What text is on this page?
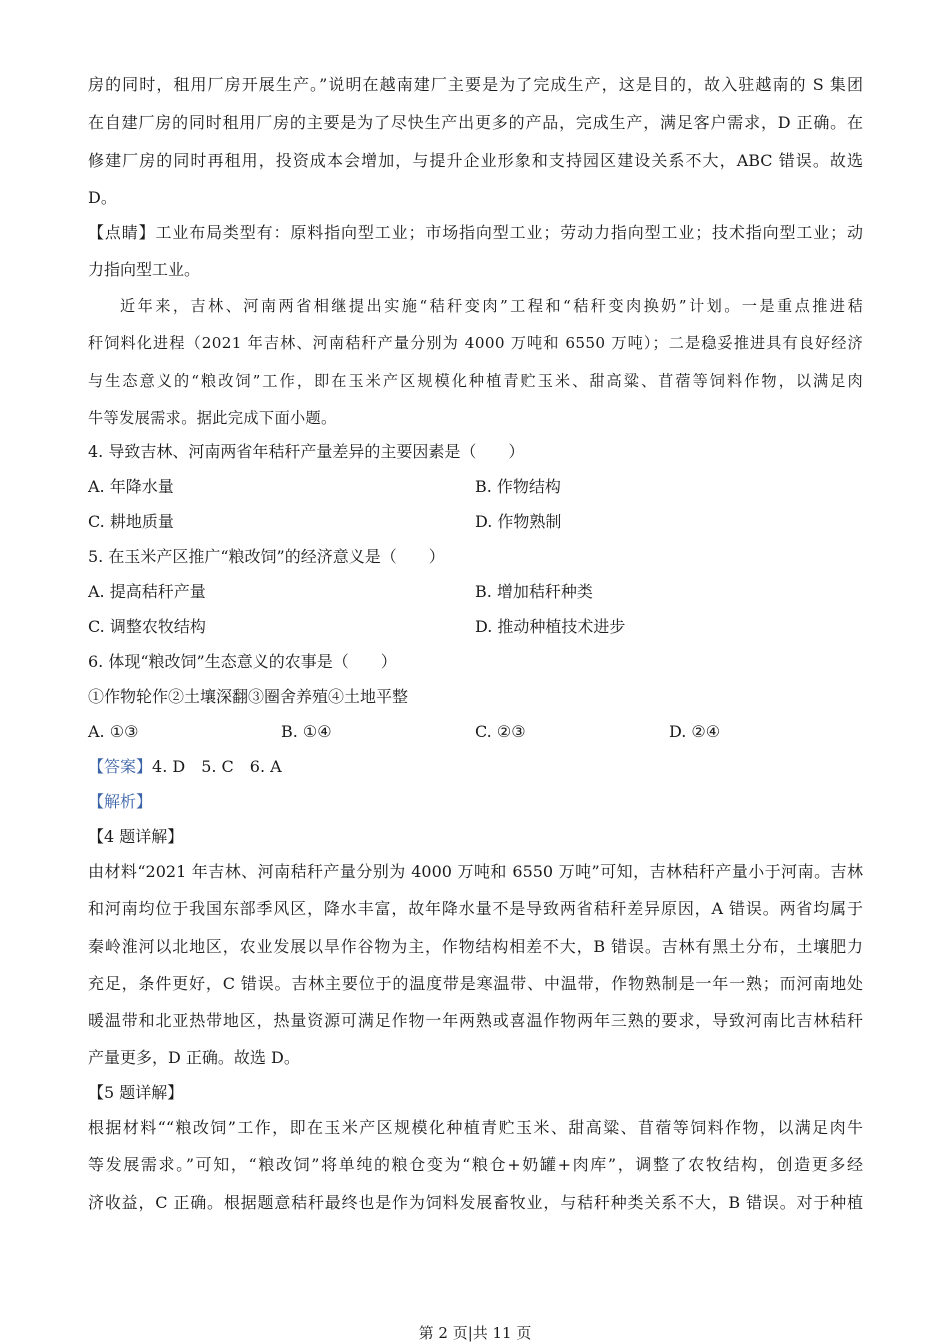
房的同时，租用厂房开展生产。”说明在越南建厂主要是为了完成生产，这是目的，故入驻越南的 S 集团
在自建厂房的同时租用厂房的主要是为了尽快生产出更多的产品，完成生产，满足客户需求，D 正确。在
修建厂房的同时再租用，投资成本会增加，与提升企业形象和支持园区建设关系不大，ABC 错误。故选
D。
【点睛】工业布局类型有：原料指向型工业；市场指向型工业；劳动力指向型工业；技术指向型工业；动
力指向型工业。
近年来，吉林、河南两省相继提出实施“秸秆变肉”工程和“秸秆变肉换奶”计划。一是重点推进秸
秆饲料化进程（2021 年吉林、河南秸秆产量分别为 4000 万吨和 6550 万吨）；二是稳妥推进具有良好经济
与生态意义的“粮改饲”工作，即在玉米产区规模化种植青贮玉米、甜高粱、苜蓿等饲料作物，以满足肉
牛等发展需求。据此完成下面小题。
4. 导致吉林、河南两省年秸秆产量差异的主要因素是（　　）
A. 年降水量	B. 作物结构
C. 耕地质量	D. 作物熟制
5. 在玉米产区推广“粮改饲”的经济意义是（　　）
A. 提高秸秆产量	B. 增加秸秆种类
C. 调整农牧结构	D. 推动种植技术进步
6. 体现“粮改饲”生态意义的农事是（　　）
①作物轮作②土壤深翻③圈舍养殖④土地平整
A. ①③	B. ①④	C. ②③	D. ②④
【答案】4. D　5. C　6. A
【解析】
【4 题详解】
由材料“2021 年吉林、河南秸秆产量分别为 4000 万吨和 6550 万吨”可知，吉林秸秆产量小于河南。吉林
和河南均位于我国东部季风区，降水丰富，故年降水量不是导致两省秸秆差异原因，A 错误。两省均属于
秦岭淮河以北地区，农业发展以旱作谷物为主，作物结构相差不大，B 错误。吉林有黑土分布，土壤肥力
充足，条件更好，C 错误。吉林主要位于的温度带是寒温带、中温带，作物熟制是一年一熟；而河南地处
暖温带和北亚热带地区，热量资源可满足作物一年两熟或喜温作物两年三熟的要求，导致河南比吉林秸秆
产量更多，D 正确。故选 D。
【5 题详解】
根据材料““粮改饲”工作，即在玉米产区规模化种植青贮玉米、甜高粱、苜蓿等饲料作物，以满足肉牛
等发展需求。”可知，“粮改饲”将单纯的粮仓变为“粮仓+奶罐+肉库”，调整了农牧结构，创造更多经
济收益，C 正确。根据题意秸秆最终也是作为饲料发展畜牧业，与秸秆种类关系不大，B 错误。对于种植
第 2 页|共 11 页
